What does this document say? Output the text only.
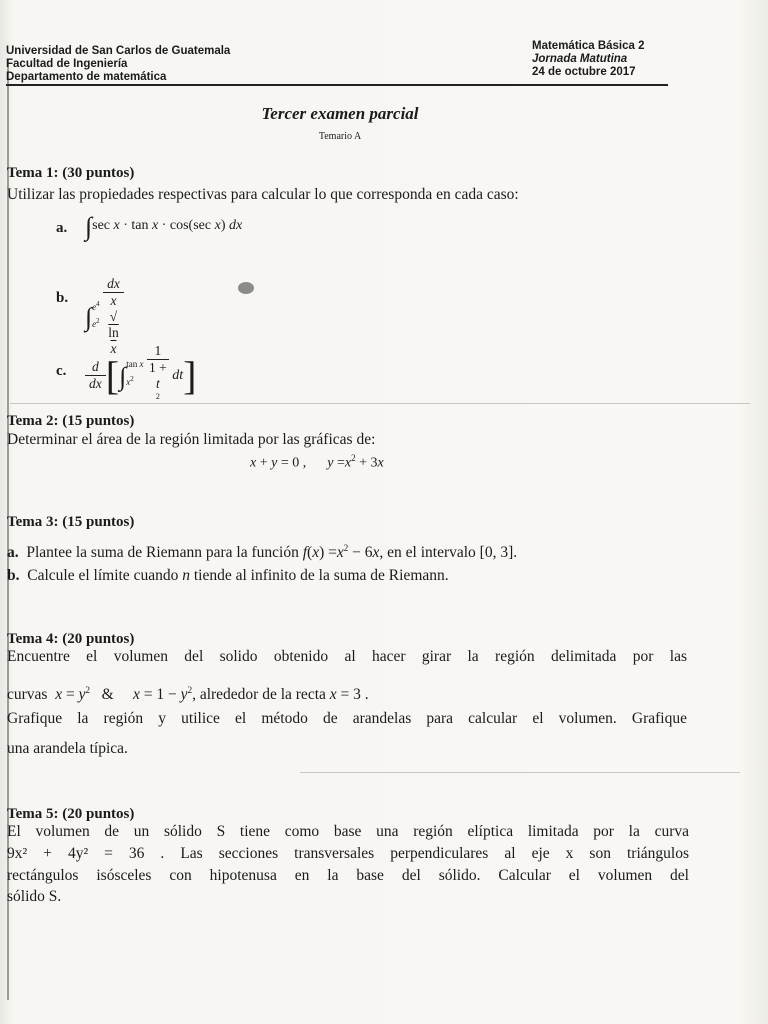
Universidad de San Carlos de Guatemala
Facultad de Ingeniería
Departamento de matemática
Matemática Básica 2
Jornada Matutina
24 de octubre 2017
Tercer examen parcial
Temario A
Tema 1: (30 puntos)
Utilizar las propiedades respectivas para calcular lo que corresponda en cada caso:
a. ∫sec x · tan x · cos(sec x) dx
b.
∫ $e^4$
$e^2$
dx
x
√
ln
x
c. $\frac{d}{dx}$ [∫ tan x
$x^2$
1
1 +
t
$^2$ dt]
Tema 2: (15 puntos)
Determinar el área de la región limitada por las gráficas de:
x + y = 0 ,      $y =x^2 + 3x$
Tema 3: (15 puntos)
a. Plantee la suma de Riemann para la función $f(x) =x^2 - 6x$, en el intervalo [0, 3].
b. Calcule el límite cuando n tiende al infinito de la suma de Riemann.
Tema 4: (20 puntos)
Encuentre el volumen del solido obtenido al hacer girar la región delimitada por las
curvas $x = y^2$   &     $x = 1 - y^2$, alrededor de la recta x = 3 .
Grafique la región y utilice el método de arandelas para calcular el volumen. Grafique
una arandela típica.
Tema 5: (20 puntos)
El volumen de un sólido S tiene como base una región elíptica limitada por la curva
9x² + 4y² = 36 . Las secciones transversales perpendiculares al eje x son triángulos
rectángulos isósceles con hipotenusa en la base del sólido. Calcular el volumen del
sólido S.
